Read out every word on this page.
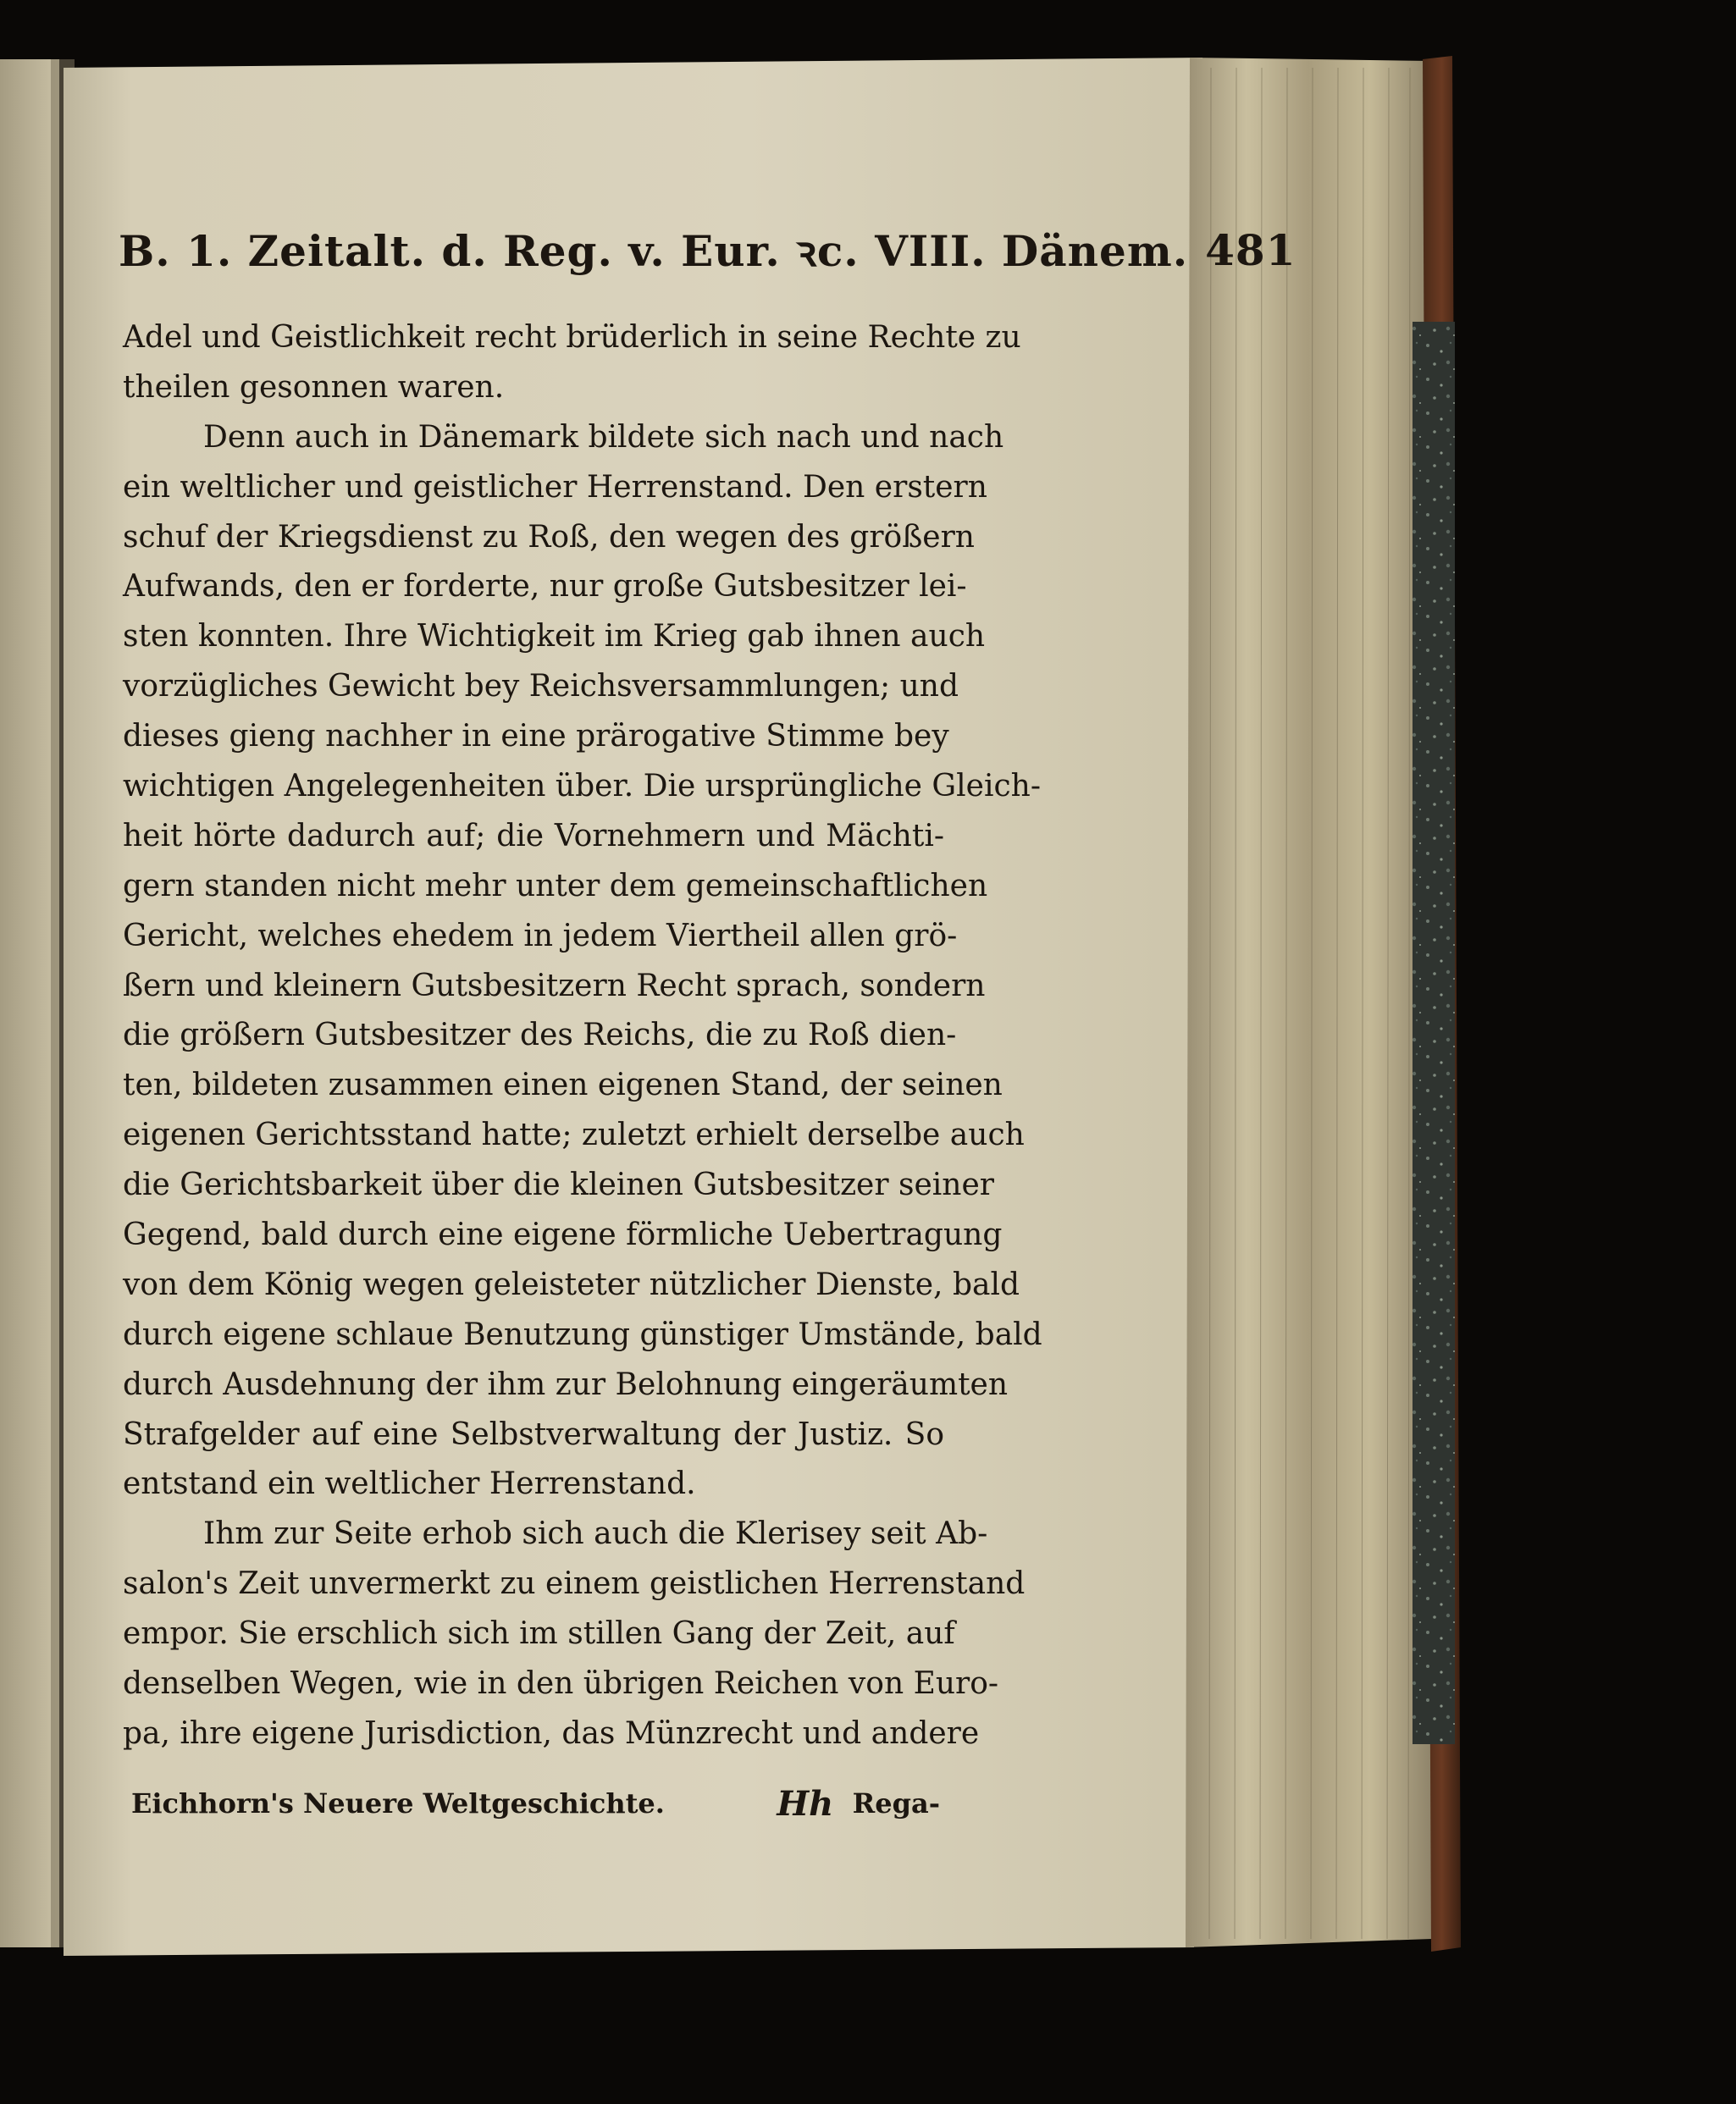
B. 1. Zeitalt. d. Reg. v. Eur. ꝛc. VIII. Dänem. 481
Adel und Geistlichkeit recht brüderlich in seine Rechte zu
theilen gesonnen waren.
Denn auch in Dänemark bildete sich nach und nach
ein weltlicher und geistlicher Herrenstand. Den erstern
schuf der Kriegsdienst zu Roß, den wegen des größern
Aufwands, den er forderte, nur große Gutsbesitzer lei-
sten konnten. Ihre Wichtigkeit im Krieg gab ihnen auch
vorzügliches Gewicht bey Reichsversammlungen; und
dieses gieng nachher in eine prärogative Stimme bey
wichtigen Angelegenheiten über. Die ursprüngliche Gleich-
heit hörte dadurch auf; die Vornehmern und Mächti-
gern standen nicht mehr unter dem gemeinschaftlichen
Gericht, welches ehedem in jedem Viertheil allen grö-
ßern und kleinern Gutsbesitzern Recht sprach, sondern
die größern Gutsbesitzer des Reichs, die zu Roß dien-
ten, bildeten zusammen einen eigenen Stand, der seinen
eigenen Gerichtsstand hatte; zuletzt erhielt derselbe auch
die Gerichtsbarkeit über die kleinen Gutsbesitzer seiner
Gegend, bald durch eine eigene förmliche Uebertragung
von dem König wegen geleisteter nützlicher Dienste, bald
durch eigene schlaue Benutzung günstiger Umstände, bald
durch Ausdehnung der ihm zur Belohnung eingeräumten
Strafgelder auf eine Selbstverwaltung der Justiz. So
entstand ein weltlicher Herrenstand.
Ihm zur Seite erhob sich auch die Klerisey seit Ab-
salon's Zeit unvermerkt zu einem geistlichen Herrenstand
empor. Sie erschlich sich im stillen Gang der Zeit, auf
denselben Wegen, wie in den übrigen Reichen von Euro-
pa, ihre eigene Jurisdiction, das Münzrecht und andere
Eichhorn's Neuere Weltgeschichte.	Hh Rega-
